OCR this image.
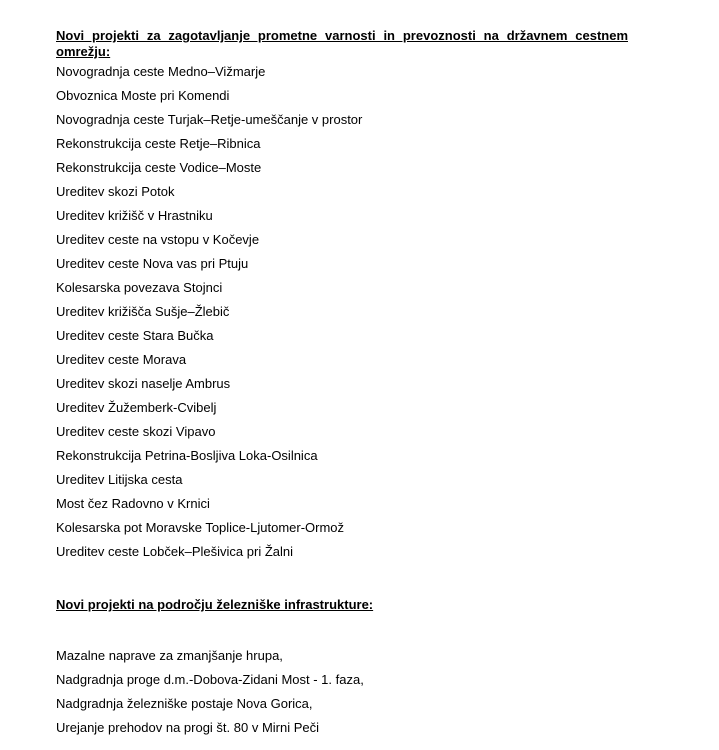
Novi projekti za zagotavljanje prometne varnosti in prevoznosti na državnem cestnem omrežju:

Novogradnja ceste Medno–Vižmarje
Obvoznica Moste pri Komendi
Novogradnja ceste Turjak–Retje-umeščanje v prostor
Rekonstrukcija ceste Retje–Ribnica
Rekonstrukcija ceste Vodice–Moste
Ureditev skozi Potok
Ureditev križišč v Hrastniku
Ureditev ceste na vstopu v Kočevje
Ureditev ceste Nova vas pri Ptuju
Kolesarska povezava Stojnci
Ureditev križišča Sušje–Žlebič
Ureditev ceste Stara Bučka
Ureditev ceste Morava
Ureditev skozi naselje Ambrus
Ureditev Žužemberk-Cvibelj
Ureditev ceste skozi Vipavo
Rekonstrukcija Petrina-Bosljiva Loka-Osilnica
Ureditev Litijska cesta
Most čez Radovno v Krnici
Kolesarska pot Moravske Toplice-Ljutomer-Ormož
Ureditev ceste Lobček–Plešivica pri Žalni

Novi projekti na področju železniške infrastrukture:

Mazalne naprave za zmanjšanje hrupa,
Nadgradnja proge d.m.-Dobova-Zidani Most - 1. faza,
Nadgradnja železniške postaje Nova Gorica,
Urejanje prehodov na progi št. 80 v Mirni Peči
